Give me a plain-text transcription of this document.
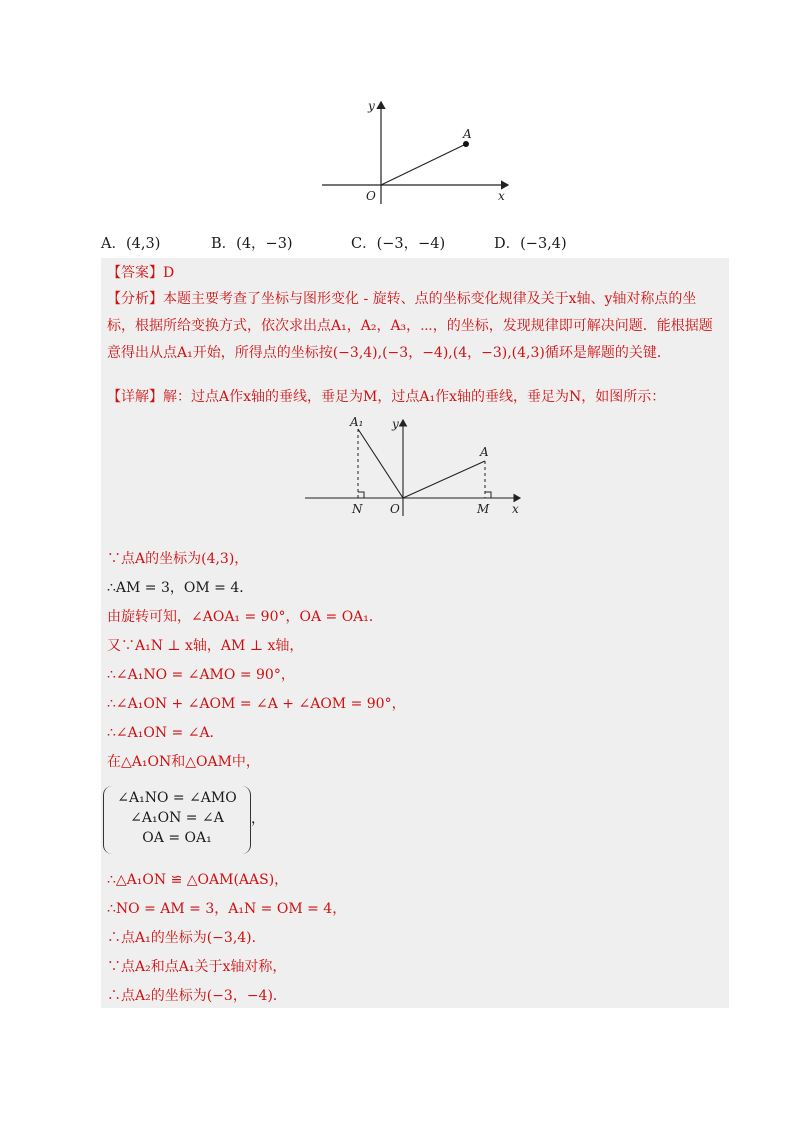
y
x
O
A
A．(4,3)	B．(4，−3)	C．(−3，−4)	D．(−3,4)
【答案】D
【分析】本题主要考查了坐标与图形变化 - 旋转、点的坐标变化规律及关于x轴、y轴对称点的坐标，根据所给变换方式，依次求出点A₁，A₂，A₃，⋯，的坐标，发现规律即可解决问题．能根据题意得出从点A₁开始，所得点的坐标按(−3,4),(−3，−4),(4，−3),(4,3)循环是解题的关键．
【详解】解：过点A作x轴的垂线，垂足为M，过点A₁作x轴的垂线，垂足为N，如图所示：
∵点A的坐标为(4,3)，
∴AM = 3，OM = 4．
由旋转可知，∠AOA₁ = 90°，OA = OA₁．
又∵A₁N ⊥ x轴，AM ⊥ x轴，
∴∠A₁NO = ∠AMO = 90°，
∴∠A₁ON + ∠AOM = ∠A + ∠AOM = 90°，
∴∠A₁ON = ∠A．
在△A₁ON和△OAM中，
∠A₁NO = ∠AMO
∠A₁ON = ∠A
OA = OA₁
，
∴△A₁ON ≌ △OAM(AAS)，
∴NO = AM = 3，A₁N = OM = 4，
∴点A₁的坐标为(−3,4)．
∵点A₂和点A₁关于x轴对称，
∴点A₂的坐标为(−3，−4)．
A₁ y
A
N O	M x
